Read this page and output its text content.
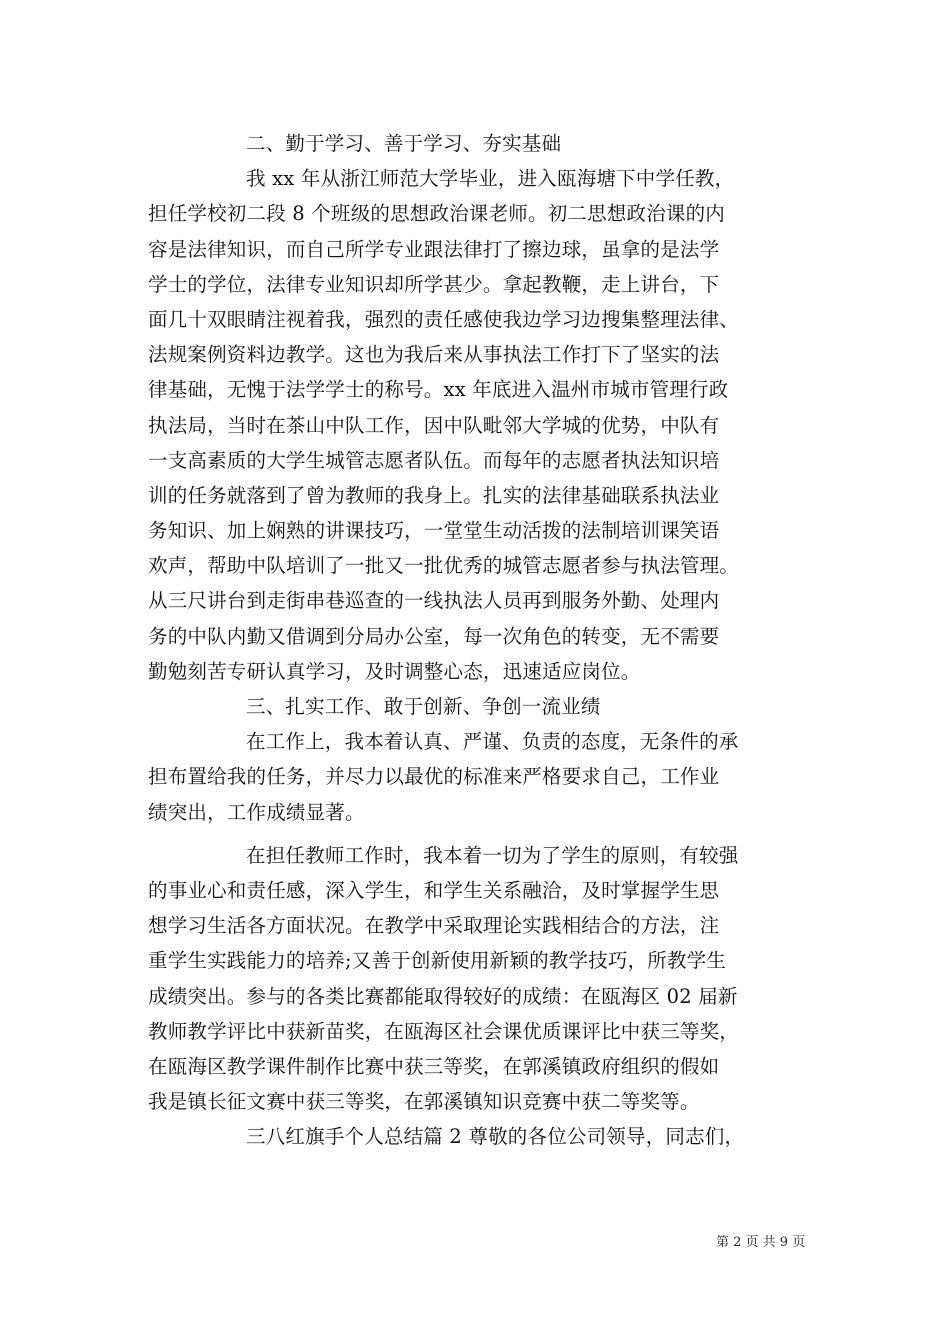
二、勤于学习、善于学习、夯实基础
我 xx 年从浙江师范大学毕业，进入瓯海塘下中学任教，
担任学校初二段 8 个班级的思想政治课老师。初二思想政治课的内
容是法律知识，而自己所学专业跟法律打了擦边球，虽拿的是法学
学士的学位，法律专业知识却所学甚少。拿起教鞭，走上讲台，下
面几十双眼睛注视着我，强烈的责任感使我边学习边搜集整理法律、
法规案例资料边教学。这也为我后来从事执法工作打下了坚实的法
律基础，无愧于法学学士的称号。xx 年底进入温州市城市管理行政
执法局，当时在茶山中队工作，因中队毗邻大学城的优势，中队有
一支高素质的大学生城管志愿者队伍。而每年的志愿者执法知识培
训的任务就落到了曾为教师的我身上。扎实的法律基础联系执法业
务知识、加上娴熟的讲课技巧，一堂堂生动活拨的法制培训课笑语
欢声，帮助中队培训了一批又一批优秀的城管志愿者参与执法管理。
从三尺讲台到走街串巷巡查的一线执法人员再到服务外勤、处理内
务的中队内勤又借调到分局办公室，每一次角色的转变，无不需要
勤勉刻苦专研认真学习，及时调整心态，迅速适应岗位。
三、扎实工作、敢于创新、争创一流业绩
在工作上，我本着认真、严谨、负责的态度，无条件的承
担布置给我的任务，并尽力以最优的标准来严格要求自己，工作业
绩突出，工作成绩显著。
在担任教师工作时，我本着一切为了学生的原则，有较强
的事业心和责任感，深入学生，和学生关系融洽，及时掌握学生思
想学习生活各方面状况。在教学中采取理论实践相结合的方法，注
重学生实践能力的培养;又善于创新使用新颖的教学技巧，所教学生
成绩突出。参与的各类比赛都能取得较好的成绩：在瓯海区 02 届新
教师教学评比中获新苗奖，在瓯海区社会课优质课评比中获三等奖，
在瓯海区教学课件制作比赛中获三等奖，在郭溪镇政府组织的假如
我是镇长征文赛中获三等奖，在郭溪镇知识竞赛中获二等奖等。
三八红旗手个人总结篇 2 尊敬的各位公司领导，同志们，
第 2 页 共 9 页
